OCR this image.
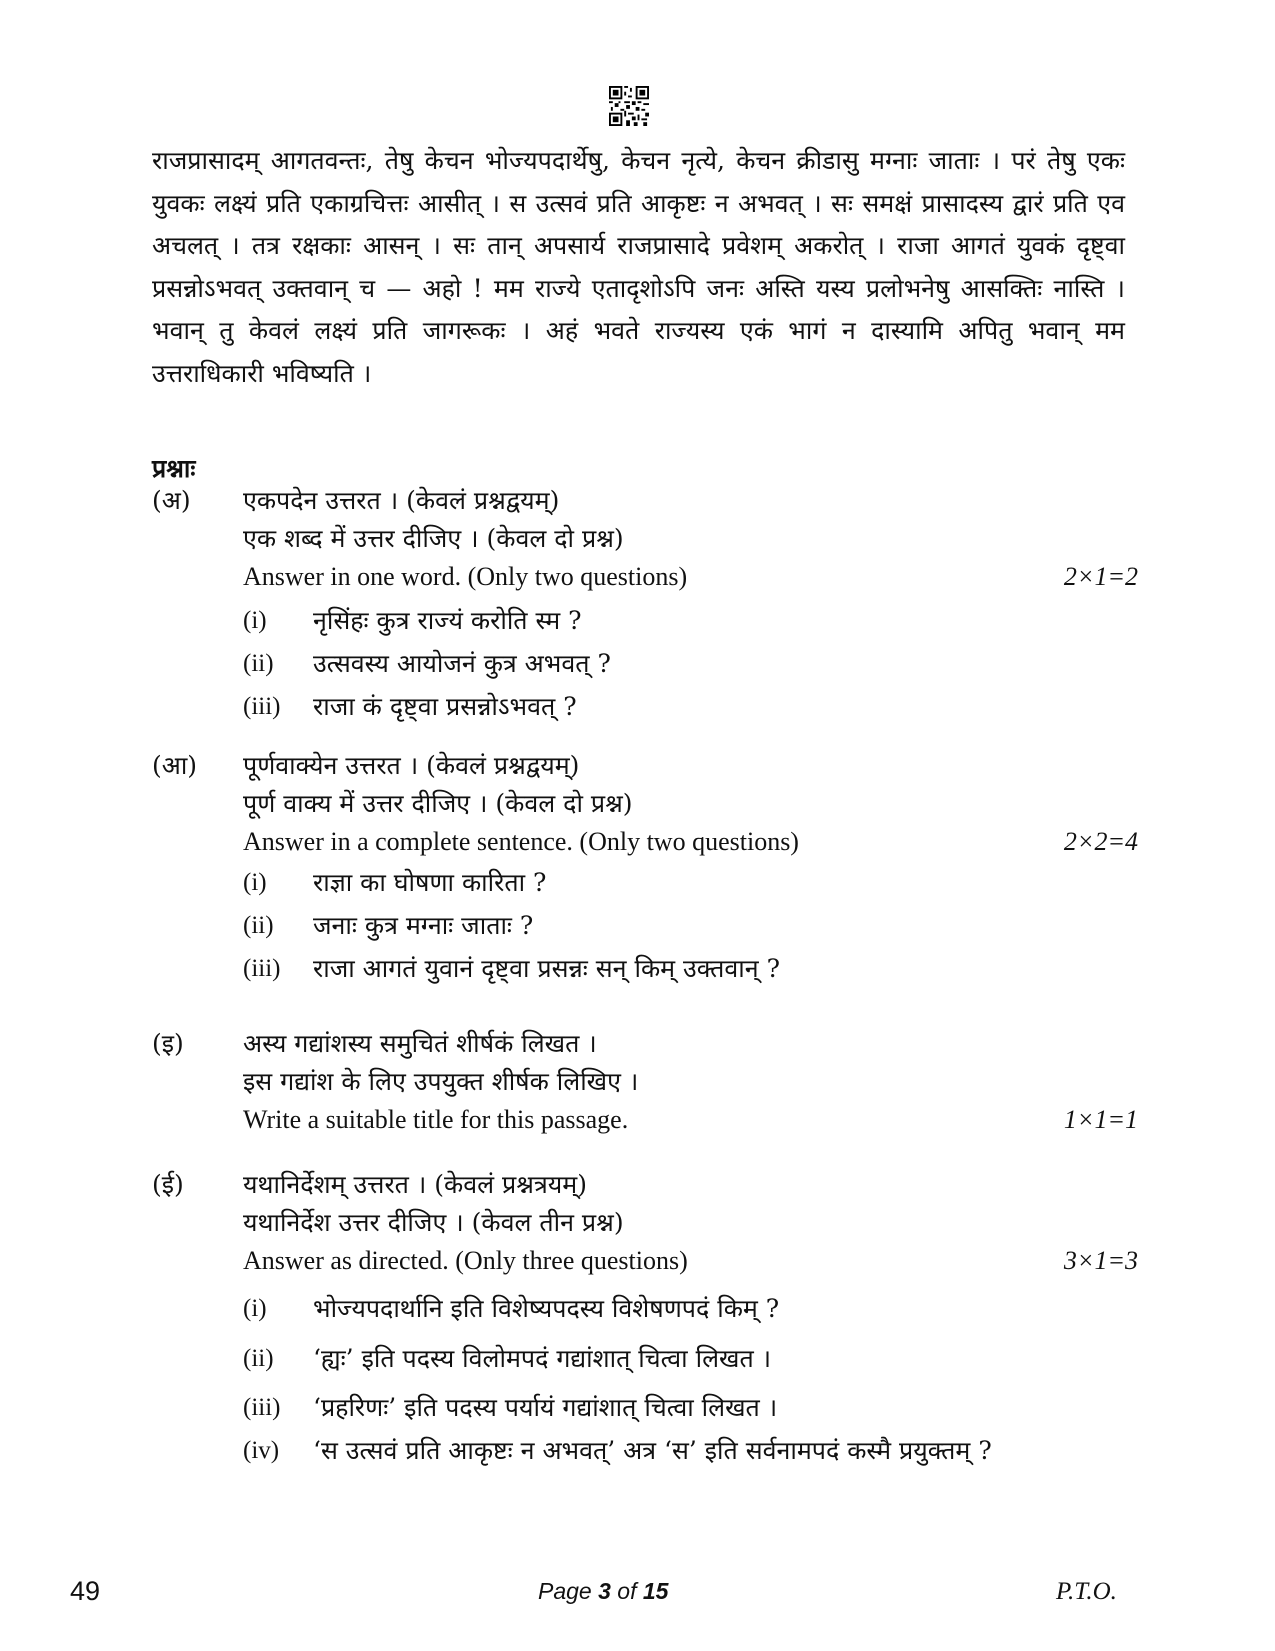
राजप्रासादम् आगतवन्तः, तेषु केचन भोज्यपदार्थेषु, केचन नृत्ये, केचन क्रीडासु मग्नाः जाताः । परं तेषु एकः युवकः लक्ष्यं प्रति एकाग्रचित्तः आसीत् । स उत्सवं प्रति आकृष्टः न अभवत् । सः समक्षं प्रासादस्य द्वारं प्रति एव अचलत् । तत्र रक्षकाः आसन् । सः तान् अपसार्य राजप्रासादे प्रवेशम् अकरोत् । राजा आगतं युवकं दृष्ट्वा प्रसन्नोऽभवत् उक्तवान् च — अहो ! मम राज्ये एतादृशोऽपि जनः अस्ति यस्य प्रलोभनेषु आसक्तिः नास्ति । भवान् तु केवलं लक्ष्यं प्रति जागरूकः । अहं भवते राज्यस्य एकं भागं न दास्यामि अपितु भवान् मम उत्तराधिकारी भविष्यति ।

प्रश्नाः
(अ) एकपदेन उत्तरत । (केवलं प्रश्नद्वयम्)
एक शब्द में उत्तर दीजिए । (केवल दो प्रश्न)
Answer in one word. (Only two questions)	2×1=2
(i) नृसिंहः कुत्र राज्यं करोति स्म ?
(ii) उत्सवस्य आयोजनं कुत्र अभवत् ?
(iii) राजा कं दृष्ट्वा प्रसन्नोऽभवत् ?
(आ) पूर्णवाक्येन उत्तरत । (केवलं प्रश्नद्वयम्)
पूर्ण वाक्य में उत्तर दीजिए । (केवल दो प्रश्न)
Answer in a complete sentence. (Only two questions)	2×2=4
(i) राज्ञा का घोषणा कारिता ?
(ii) जनाः कुत्र मग्नाः जाताः ?
(iii) राजा आगतं युवानं दृष्ट्वा प्रसन्नः सन् किम् उक्तवान् ?
(इ) अस्य गद्यांशस्य समुचितं शीर्षकं लिखत ।
इस गद्यांश के लिए उपयुक्त शीर्षक लिखिए ।
Write a suitable title for this passage.	1×1=1
(ई) यथानिर्देशम् उत्तरत । (केवलं प्रश्नत्रयम्)
यथानिर्देश उत्तर दीजिए । (केवल तीन प्रश्न)
Answer as directed. (Only three questions)	3×1=3
(i) भोज्यपदार्थानि इति विशेष्यपदस्य विशेषणपदं किम् ?
(ii) ‘ह्यः’ इति पदस्य विलोमपदं गद्यांशात् चित्वा लिखत ।
(iii) ‘प्रहरिणः’ इति पदस्य पर्यायं गद्यांशात् चित्वा लिखत ।
(iv) ‘स उत्सवं प्रति आकृष्टः न अभवत्’ अत्र ‘स’ इति सर्वनामपदं कस्मै प्रयुक्तम् ?
49	Page 3 of 15	P.T.O.
